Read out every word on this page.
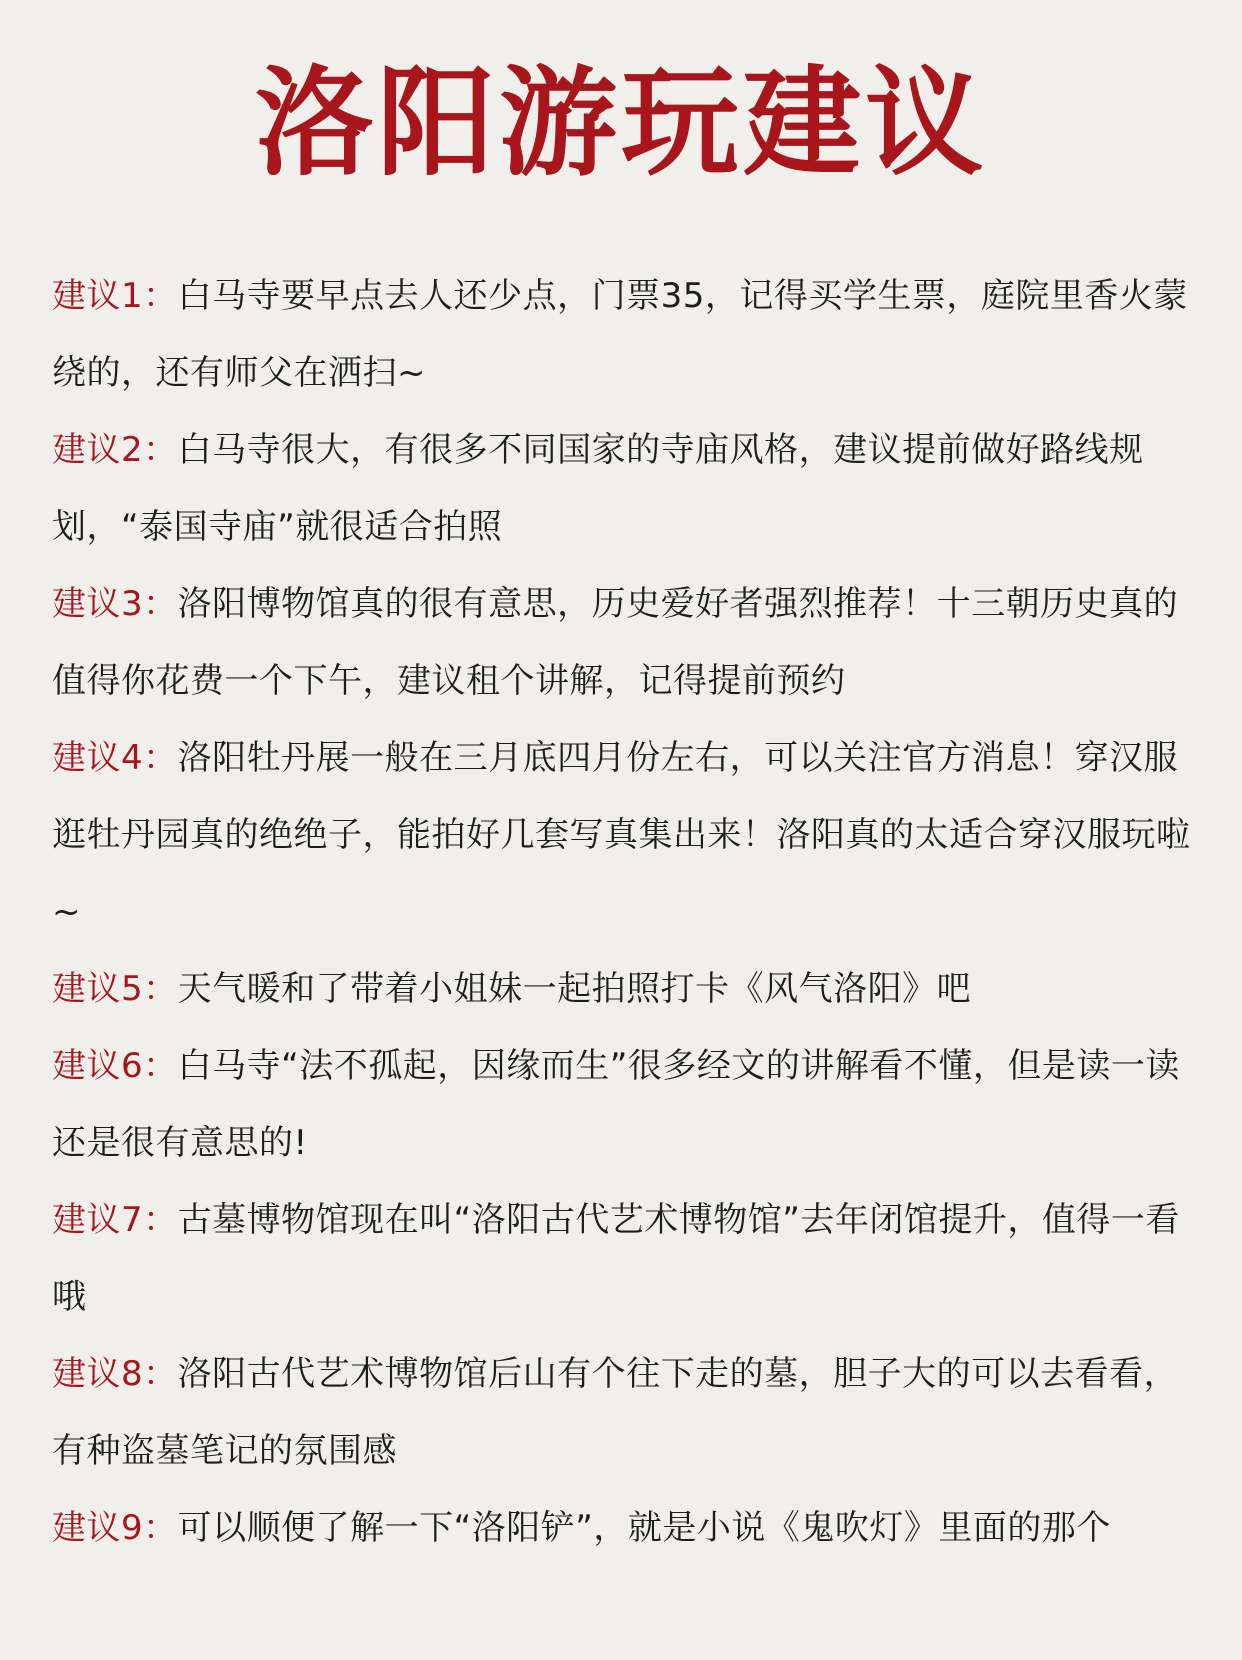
洛阳游玩建议

建议1：白马寺要早点去人还少点，门票35，记得买学生票，庭院里香火蒙绕的，还有师父在洒扫~

建议2：白马寺很大，有很多不同国家的寺庙风格，建议提前做好路线规划，“泰国寺庙”就很适合拍照

建议3：洛阳博物馆真的很有意思，历史爱好者强烈推荐！十三朝历史真的值得你花费一个下午，建议租个讲解，记得提前预约

建议4：洛阳牡丹展一般在三月底四月份左右，可以关注官方消息！穿汉服逛牡丹园真的绝绝子，能拍好几套写真集出来！洛阳真的太适合穿汉服玩啦~

建议5：天气暖和了带着小姐妹一起拍照打卡《风气洛阳》吧

建议6：白马寺“法不孤起，因缘而生”很多经文的讲解看不懂，但是读一读还是很有意思的!

建议7：古墓博物馆现在叫“洛阳古代艺术博物馆”去年闭馆提升，值得一看哦

建议8：洛阳古代艺术博物馆后山有个往下走的墓，胆子大的可以去看看，有种盗墓笔记的氛围感

建议9：可以顺便了解一下“洛阳铲”，就是小说《鬼吹灯》里面的那个
